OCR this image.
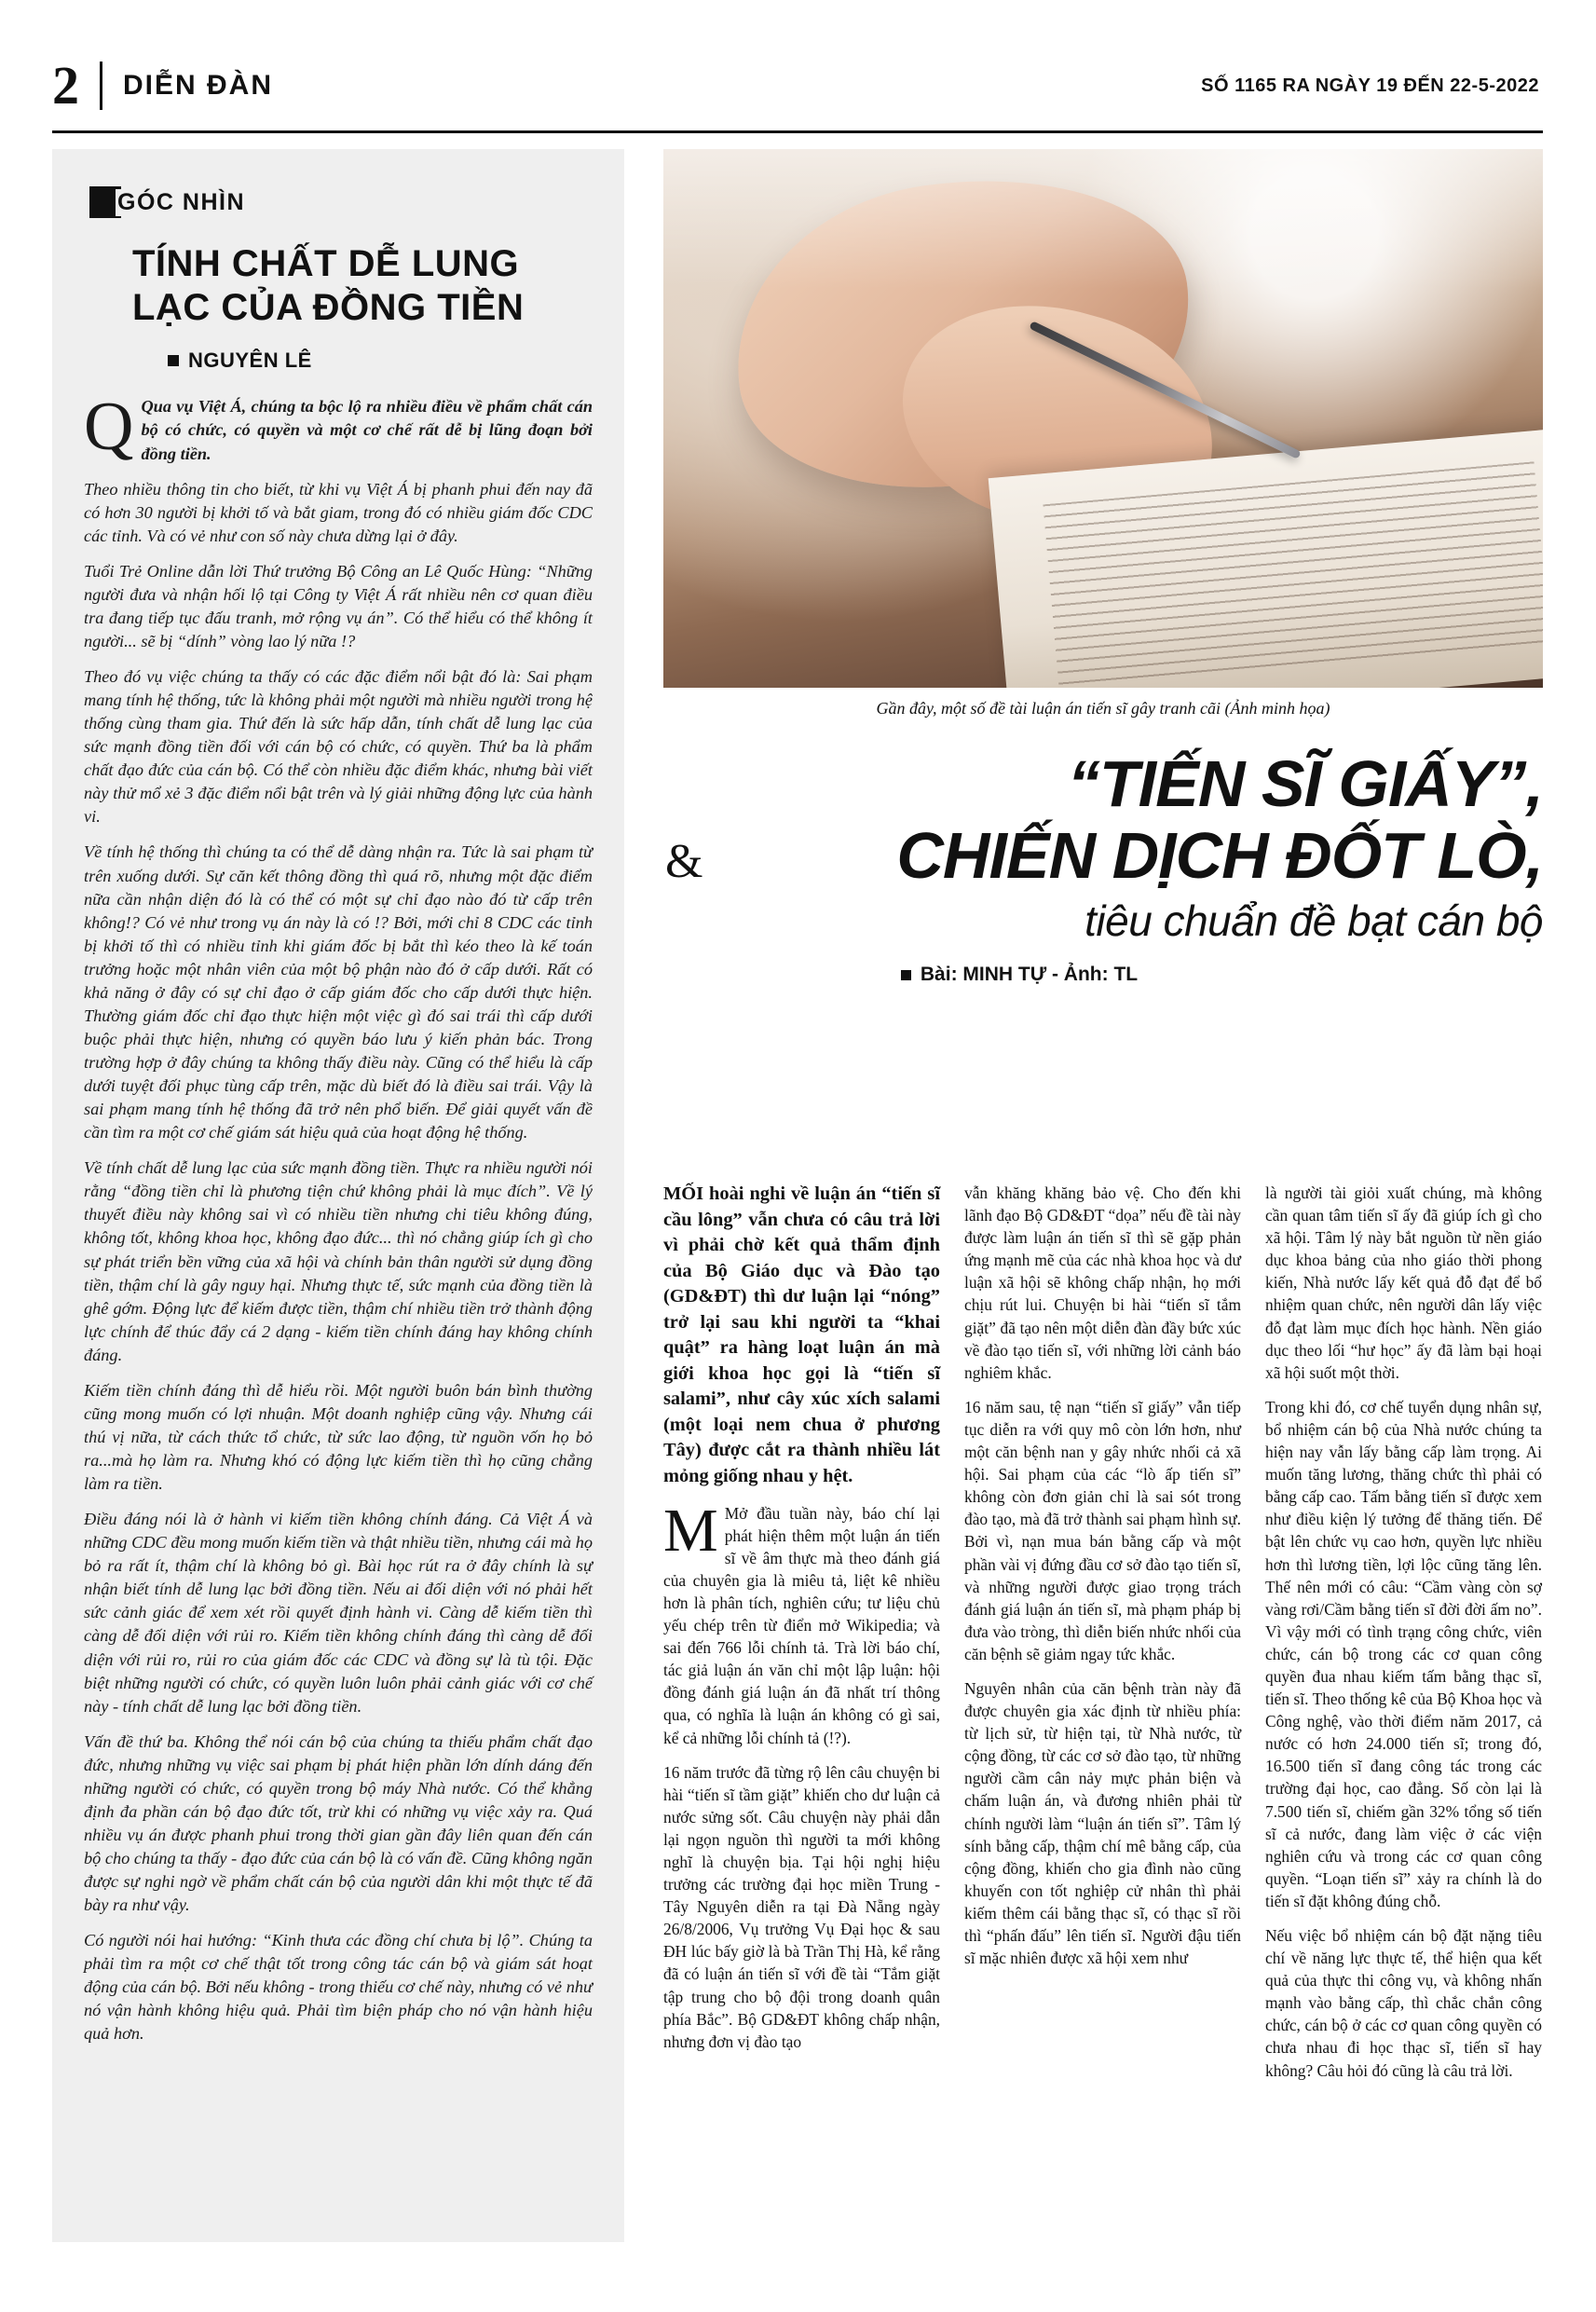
2	DIỄN ĐÀN	SỐ 1165 RA NGÀY 19 ĐẾN 22-5-2022
GÓC NHÌN
TÍNH CHẤT DỄ LUNG LẠC CỦA ĐỒNG TIỀN
NGUYÊN LÊ

Q Qua vụ Việt Á, chúng ta bộc lộ ra nhiều điều về phẩm chất cán bộ có chức, có quyền và một cơ chế rất dễ bị lũng đoạn bởi đồng tiền.

Theo nhiều thông tin cho biết, từ khi vụ Việt Á bị phanh phui đến nay đã có hơn 30 người bị khởi tố và bắt giam, trong đó có nhiều giám đốc CDC các tỉnh. Và có vẻ như con số này chưa dừng lại ở đây.

Tuổi Trẻ Online dẫn lời Thứ trưởng Bộ Công an Lê Quốc Hùng: “Những người đưa và nhận hối lộ tại Công ty Việt Á rất nhiều nên cơ quan điều tra đang tiếp tục đấu tranh, mở rộng vụ án”. Có thể hiểu có thể không ít người... sẽ bị “dính” vòng lao lý nữa !?

Theo đó vụ việc chúng ta thấy có các đặc điểm nổi bật đó là: Sai phạm mang tính hệ thống, tức là không phải một người mà nhiều người trong hệ thống cùng tham gia. Thứ đến là sức hấp dẫn, tính chất dễ lung lạc của sức mạnh đồng tiền đối với cán bộ có chức, có quyền. Thứ ba là phẩm chất đạo đức của cán bộ. Có thể còn nhiều đặc điểm khác, nhưng bài viết này thử mổ xẻ 3 đặc điểm nổi bật trên và lý giải những động lực của hành vi.

Về tính hệ thống thì chúng ta có thể dễ dàng nhận ra. Tức là sai phạm từ trên xuống dưới. Sự căn kết thông đồng thì quá rõ, nhưng một đặc điểm nữa cần nhận diện đó là có thể có một sự chỉ đạo nào đó từ cấp trên không!? Có vẻ như trong vụ án này là có !? Bởi, mới chỉ 8 CDC các tỉnh bị khởi tố thì có nhiều tỉnh khi giám đốc bị bắt thì kéo theo là kế toán trưởng hoặc một nhân viên của một bộ phận nào đó ở cấp dưới. Rất có khả năng ở đây có sự chỉ đạo ở cấp giám đốc cho cấp dưới thực hiện. Thường giám đốc chỉ đạo thực hiện một việc gì đó sai trái thì cấp dưới buộc phải thực hiện, nhưng có quyền báo lưu ý kiến phản bác. Trong trường hợp ở đây chúng ta không thấy điều này. Cũng có thể hiểu là cấp dưới tuyệt đối phục tùng cấp trên, mặc dù biết đó là điều sai trái. Vậy là sai phạm mang tính hệ thống đã trở nên phổ biến. Để giải quyết vấn đề cần tìm ra một cơ chế giám sát hiệu quả của hoạt động hệ thống.

Về tính chất dễ lung lạc của sức mạnh đồng tiền. Thực ra nhiều người nói rằng “đồng tiền chỉ là phương tiện chứ không phải là mục đích”. Về lý thuyết điều này không sai vì có nhiều tiền nhưng chi tiêu không đúng, không tốt, không khoa học, không đạo đức... thì nó chẳng giúp ích gì cho sự phát triển bền vững của xã hội và chính bản thân người sử dụng đồng tiền, thậm chí là gây nguy hại. Nhưng thực tế, sức mạnh của đồng tiền là ghê gớm. Động lực để kiếm được tiền, thậm chí nhiều tiền trở thành động lực chính để thúc đẩy cá 2 dạng - kiếm tiền chính đáng hay không chính đáng.

Kiếm tiền chính đáng thì dễ hiểu rồi. Một người buôn bán bình thường cũng mong muốn có lợi nhuận. Một doanh nghiệp cũng vậy. Nhưng cái thú vị nữa, từ cách thức tổ chức, từ sức lao động, từ nguồn vốn họ bỏ ra...mà họ làm ra. Nhưng khó có động lực kiếm tiền thì họ cũng chẳng làm ra tiền.

Điều đáng nói là ở hành vi kiếm tiền không chính đáng. Cả Việt Á và những CDC đều mong muốn kiếm tiền và thật nhiều tiền, nhưng cái mà họ bỏ ra rất ít, thậm chí là không bỏ gì. Bài học rút ra ở đây chính là sự nhận biết tính dễ lung lạc bởi đồng tiền. Nếu ai đối diện với nó phải hết sức cảnh giác để xem xét rồi quyết định hành vi. Càng dễ kiếm tiền thì càng dễ đối diện với rủi ro. Kiếm tiền không chính đáng thì càng dễ đối diện với rủi ro, rủi ro của giám đốc các CDC và đồng sự là tù tội. Đặc biệt những người có chức, có quyền luôn luôn phải cảnh giác với cơ chế này - tính chất dễ lung lạc bởi đồng tiền.

Vấn đề thứ ba. Không thể nói cán bộ của chúng ta thiếu phẩm chất đạo đức, nhưng những vụ việc sai phạm bị phát hiện phần lớn dính dáng đến những người có chức, có quyền trong bộ máy Nhà nước. Có thể khẳng định đa phần cán bộ đạo đức tốt, trừ khi có những vụ việc xảy ra. Quá nhiều vụ án được phanh phui trong thời gian gần đây liên quan đến cán bộ cho chúng ta thấy - đạo đức của cán bộ là có vấn đề. Cũng không ngăn được sự nghi ngờ về phẩm chất cán bộ của người dân khi một thực tế đã bày ra như vậy.

Có người nói hai hướng: “Kinh thưa các đồng chí chưa bị lộ”. Chúng ta phải tìm ra một cơ chế thật tốt trong công tác cán bộ và giám sát hoạt động của cán bộ. Bởi nếu không - trong thiếu cơ chế này, nhưng có vẻ như nó vận hành không hiệu quả. Phải tìm biện pháp cho nó vận hành hiệu quả hơn.

Gần đây, một số đề tài luận án tiến sĩ gây tranh cãi (Ảnh minh họa)
&
“TIẾN SĨ GIẤY”,
CHIẾN DỊCH ĐỐT LÒ,
tiêu chuẩn đề bạt cán bộ
Bài: MINH TỰ - Ảnh: TL

MỐI hoài nghi về luận án “tiến sĩ cầu lông” vẫn chưa có câu trả lời vì phải chờ kết quả thẩm định của Bộ Giáo dục và Đào tạo (GD&ĐT) thì dư luận lại “nóng” trở lại sau khi người ta “khai quật” ra hàng loạt luận án mà giới khoa học gọi là “tiến sĩ salami”, như cây xúc xích salami (một loại nem chua ở phương Tây) được cắt ra thành nhiều lát mỏng giống nhau y hệt.

M Mở đầu tuần này, báo chí lại phát hiện thêm một luận án tiến sĩ về âm thực mà theo đánh giá của chuyên gia là miêu tả, liệt kê nhiều hơn là phân tích, nghiên cứu; tư liệu chủ yếu chép trên từ điển mở Wikipedia; và sai đến 766 lỗi chính tả. Trà lời báo chí, tác giả luận án văn chỉ một lập luận: hội đồng đánh giá luận án đã nhất trí thông qua, có nghĩa là luận án không có gì sai, kể cả những lỗi chính tả (!?).

16 năm trước đã từng rộ lên câu chuyện bi hài “tiến sĩ tầm giặt” khiến cho dư luận cả nước sửng sốt. Câu chuyện này phải dẫn lại ngọn nguồn thì người ta mới không nghĩ là chuyện bịa. Tại hội nghị hiệu trưởng các trường đại học miền Trung - Tây Nguyên diễn ra tại Đà Nẵng ngày 26/8/2006, Vụ trưởng Vụ Đại học & sau ĐH lúc bấy giờ là bà Trần Thị Hà, kể rằng đã có luận án tiến sĩ với đề tài “Tắm giặt tập trung cho bộ đội trong doanh quân phía Bắc”. Bộ GD&ĐT không chấp nhận, nhưng đơn vị đào tạo

vẫn khăng khăng bảo vệ. Cho đến khi lãnh đạo Bộ GD&ĐT “dọa” nếu đề tài này được làm luận án tiến sĩ thì sẽ gặp phản ứng mạnh mẽ của các nhà khoa học và dư luận xã hội sẽ không chấp nhận, họ mới chịu rút lui. Chuyện bi hài “tiến sĩ tắm giặt” đã tạo nên một diễn đàn đầy bức xúc về đào tạo tiến sĩ, với những lời cảnh báo nghiêm khắc.

16 năm sau, tệ nạn “tiến sĩ giấy” vẫn tiếp tục diễn ra với quy mô còn lớn hơn, như một căn bệnh nan y gây nhức nhối cả xã hội. Sai phạm của các “lò ấp tiến sĩ” không còn đơn giản chỉ là sai sót trong đào tạo, mà đã trở thành sai phạm hình sự. Bởi vì, nạn mua bán bằng cấp và một phần vài vị đứng đầu cơ sở đào tạo tiến sĩ, và những người được giao trọng trách đánh giá luận án tiến sĩ, mà phạm pháp bị đưa vào tròng, thì diễn biến nhức nhối của căn bệnh sẽ giảm ngay tức khắc.

Nguyên nhân của căn bệnh tràn này đã được chuyên gia xác định từ nhiều phía: từ lịch sử, từ hiện tại, từ Nhà nước, từ cộng đồng, từ các cơ sở đào tạo, từ những người cầm cân nảy mực phản biện và chấm luận án, và đương nhiên phải từ chính người làm “luận án tiến sĩ”. Tâm lý sính bằng cấp, thậm chí mê bằng cấp, của cộng đồng, khiến cho gia đình nào cũng khuyến con tốt nghiệp cử nhân thì phải kiếm thêm cái bằng thạc sĩ, có thạc sĩ rồi thì “phấn đấu” lên tiến sĩ. Người đậu tiến sĩ mặc nhiên được xã hội xem như

là người tài giỏi xuất chúng, mà không cần quan tâm tiến sĩ ấy đã giúp ích gì cho xã hội. Tâm lý này bắt nguồn từ nền giáo dục khoa bảng của nho giáo thời phong kiến, Nhà nước lấy kết quả đỗ đạt để bổ nhiệm quan chức, nên người dân lấy việc đỗ đạt làm mục đích học hành. Nền giáo dục theo lối “hư học” ấy đã làm bại hoại xã hội suốt một thời.

Trong khi đó, cơ chế tuyển dụng nhân sự, bổ nhiệm cán bộ của Nhà nước chúng ta hiện nay vẫn lấy bằng cấp làm trọng. Ai muốn tăng lương, thăng chức thì phải có bằng cấp cao. Tấm bằng tiến sĩ được xem như điều kiện lý tưởng để thăng tiến. Để bật lên chức vụ cao hơn, quyền lực nhiều hơn thì lương tiền, lợi lộc cũng tăng lên. Thế nên mới có câu: “Cầm vàng còn sợ vàng rơi/Cầm bằng tiến sĩ đời đời ấm no”. Vì vậy mới có tình trạng công chức, viên chức, cán bộ trong các cơ quan công quyền đua nhau kiếm tấm bằng thạc sĩ, tiến sĩ. Theo thống kê của Bộ Khoa học và Công nghệ, vào thời điểm năm 2017, cả nước có hơn 24.000 tiến sĩ; trong đó, 16.500 tiến sĩ đang công tác trong các trường đại học, cao đẳng. Số còn lại là 7.500 tiến sĩ, chiếm gần 32% tổng số tiến sĩ cả nước, đang làm việc ở các viện nghiên cứu và trong các cơ quan công quyền. “Loạn tiến sĩ” xảy ra chính là do tiến sĩ đặt không đúng chỗ.

Nếu việc bổ nhiệm cán bộ đặt nặng tiêu chí về năng lực thực tế, thể hiện qua kết quả của thực thi công vụ, và không nhấn mạnh vào bằng cấp, thì chắc chắn công chức, cán bộ ở các cơ quan công quyền có chưa nhau đi học thạc sĩ, tiến sĩ hay không? Câu hỏi đó cũng là câu trả lời.
